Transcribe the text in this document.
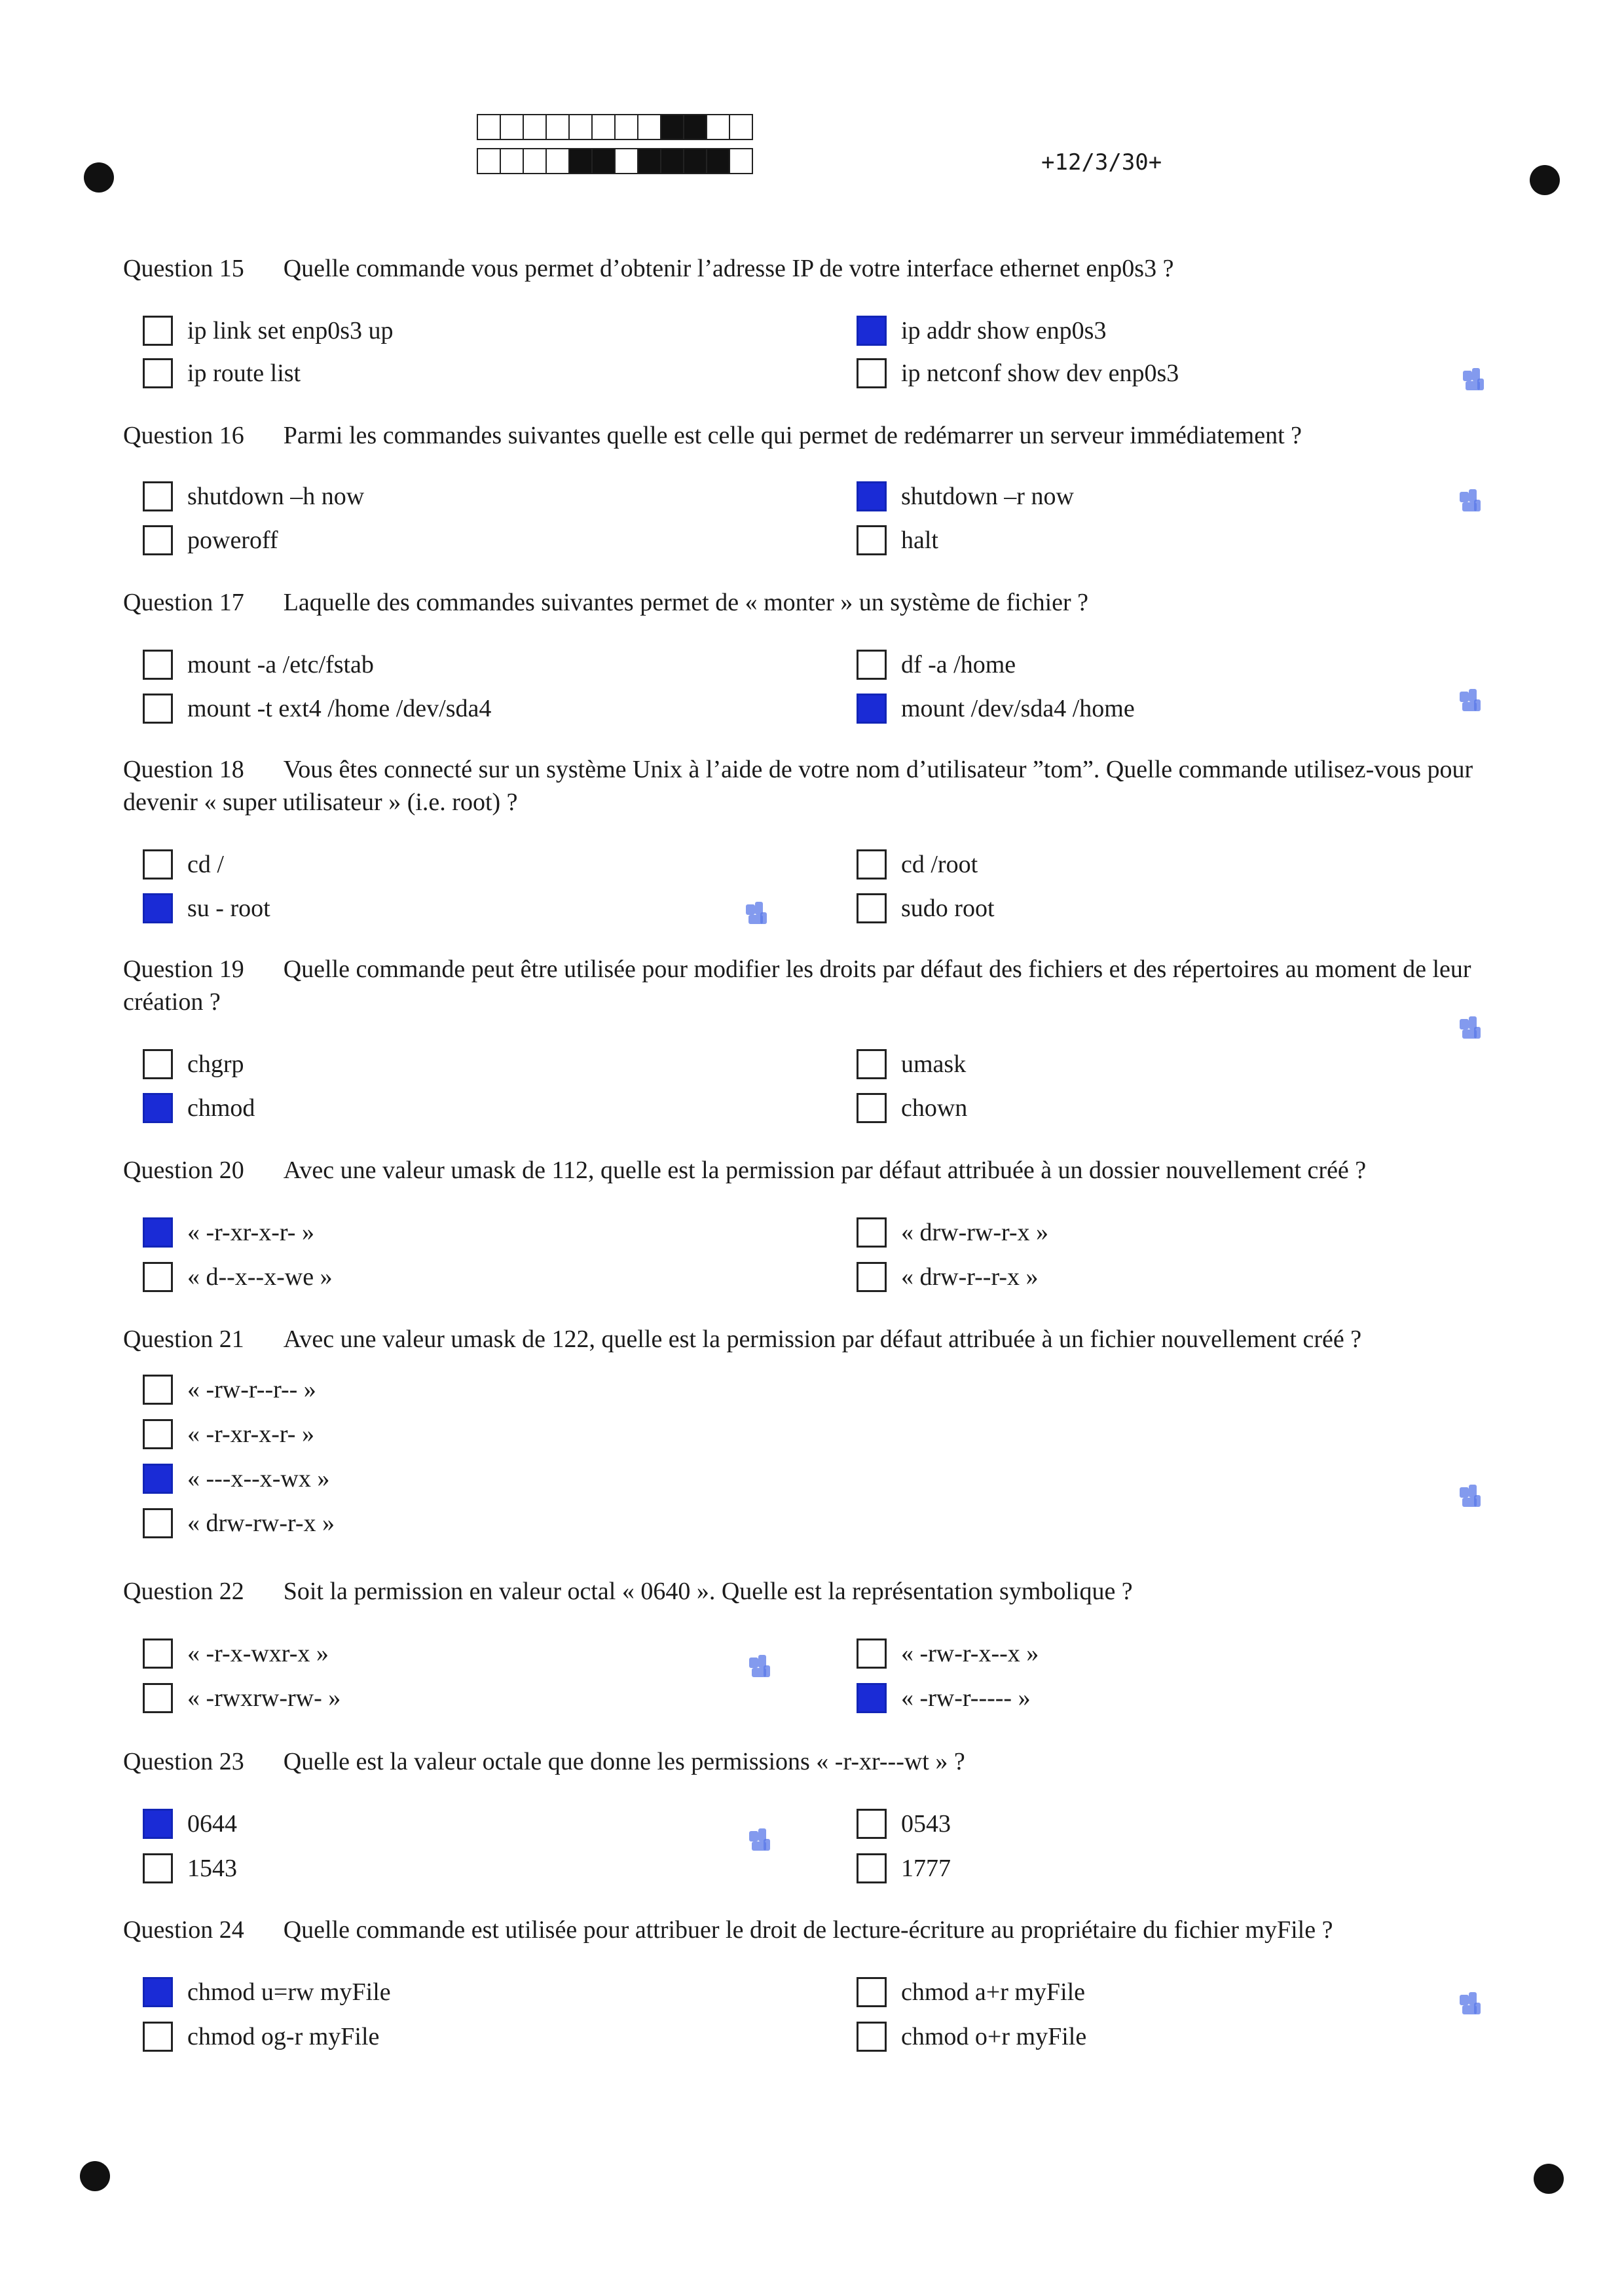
+12/3/30+
Question 15 Quelle commande vous permet d’obtenir l’adresse IP de votre interface ethernet enp0s3 ?
ip link set enp0s3 up
ip route list
ip addr show enp0s3
ip netconf show dev enp0s3
Question 16 Parmi les commandes suivantes quelle est celle qui permet de redémarrer un serveur immédiatement ?
shutdown –h now
poweroff
shutdown –r now
halt
Question 17 Laquelle des commandes suivantes permet de « monter » un système de fichier ?
mount -a /etc/fstab
mount -t ext4 /home /dev/sda4
df -a /home
mount /dev/sda4 /home
Question 18 Vous êtes connecté sur un système Unix à l’aide de votre nom d’utilisateur ”tom”. Quelle commande utilisez-vous pour devenir « super utilisateur » (i.e. root) ?
cd /
su - root
cd /root
sudo root
Question 19 Quelle commande peut être utilisée pour modifier les droits par défaut des fichiers et des répertoires au moment de leur création ?
chgrp
chmod
umask
chown
Question 20 Avec une valeur umask de 112, quelle est la permission par défaut attribuée à un dossier nouvellement créé ?
« -r-xr-x-r- »
« d--x--x-we »
« drw-rw-r-x »
« drw-r--r-x »
Question 21 Avec une valeur umask de 122, quelle est la permission par défaut attribuée à un fichier nouvellement créé ?
« -rw-r--r-- »
« -r-xr-x-r- »
« ---x--x-wx »
« drw-rw-r-x »
Question 22 Soit la permission en valeur octal « 0640 ». Quelle est la représentation symbolique ?
« -r-x-wxr-x »
« -rwxrw-rw- »
« -rw-r-x--x »
« -rw-r----- »
Question 23 Quelle est la valeur octale que donne les permissions « -r-xr---wt » ?
0644
1543
0543
1777
Question 24 Quelle commande est utilisée pour attribuer le droit de lecture-écriture au propriétaire du fichier myFile ?
chmod u=rw myFile
chmod og-r myFile
chmod a+r myFile
chmod o+r myFile
